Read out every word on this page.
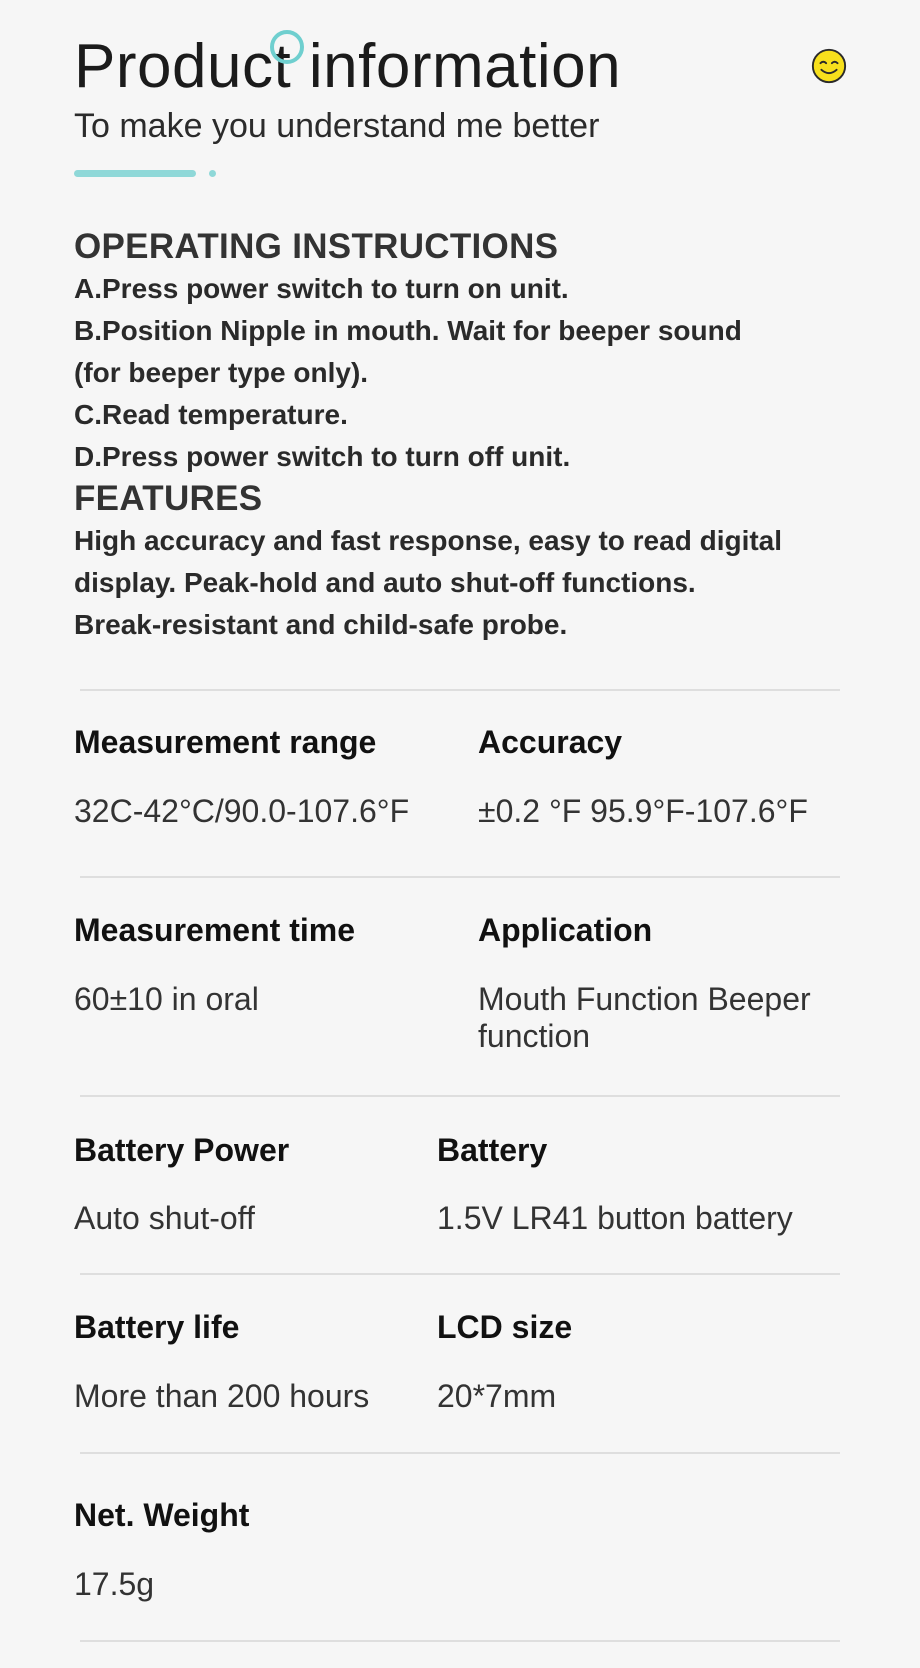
Product information
To make you understand me better
OPERATING INSTRUCTIONS
A.Press power switch to turn on unit.
B.Position Nipple in mouth. Wait for beeper sound
(for beeper type only).
C.Read temperature.
D.Press power switch to turn off unit.
FEATURES
High accuracy and fast response, easy to read digital
display. Peak-hold and auto shut-off functions.
Break-resistant and child-safe probe.
Measurement range
32C-42°C/90.0-107.6°F
Accuracy
±0.2 °F 95.9°F-107.6°F
Measurement time
60±10 in oral
Application
Mouth Function Beeper function
Battery Power
Auto shut-off
Battery
1.5V LR41 button battery
Battery life
More than 200 hours
LCD size
20*7mm
Net. Weight
17.5g
